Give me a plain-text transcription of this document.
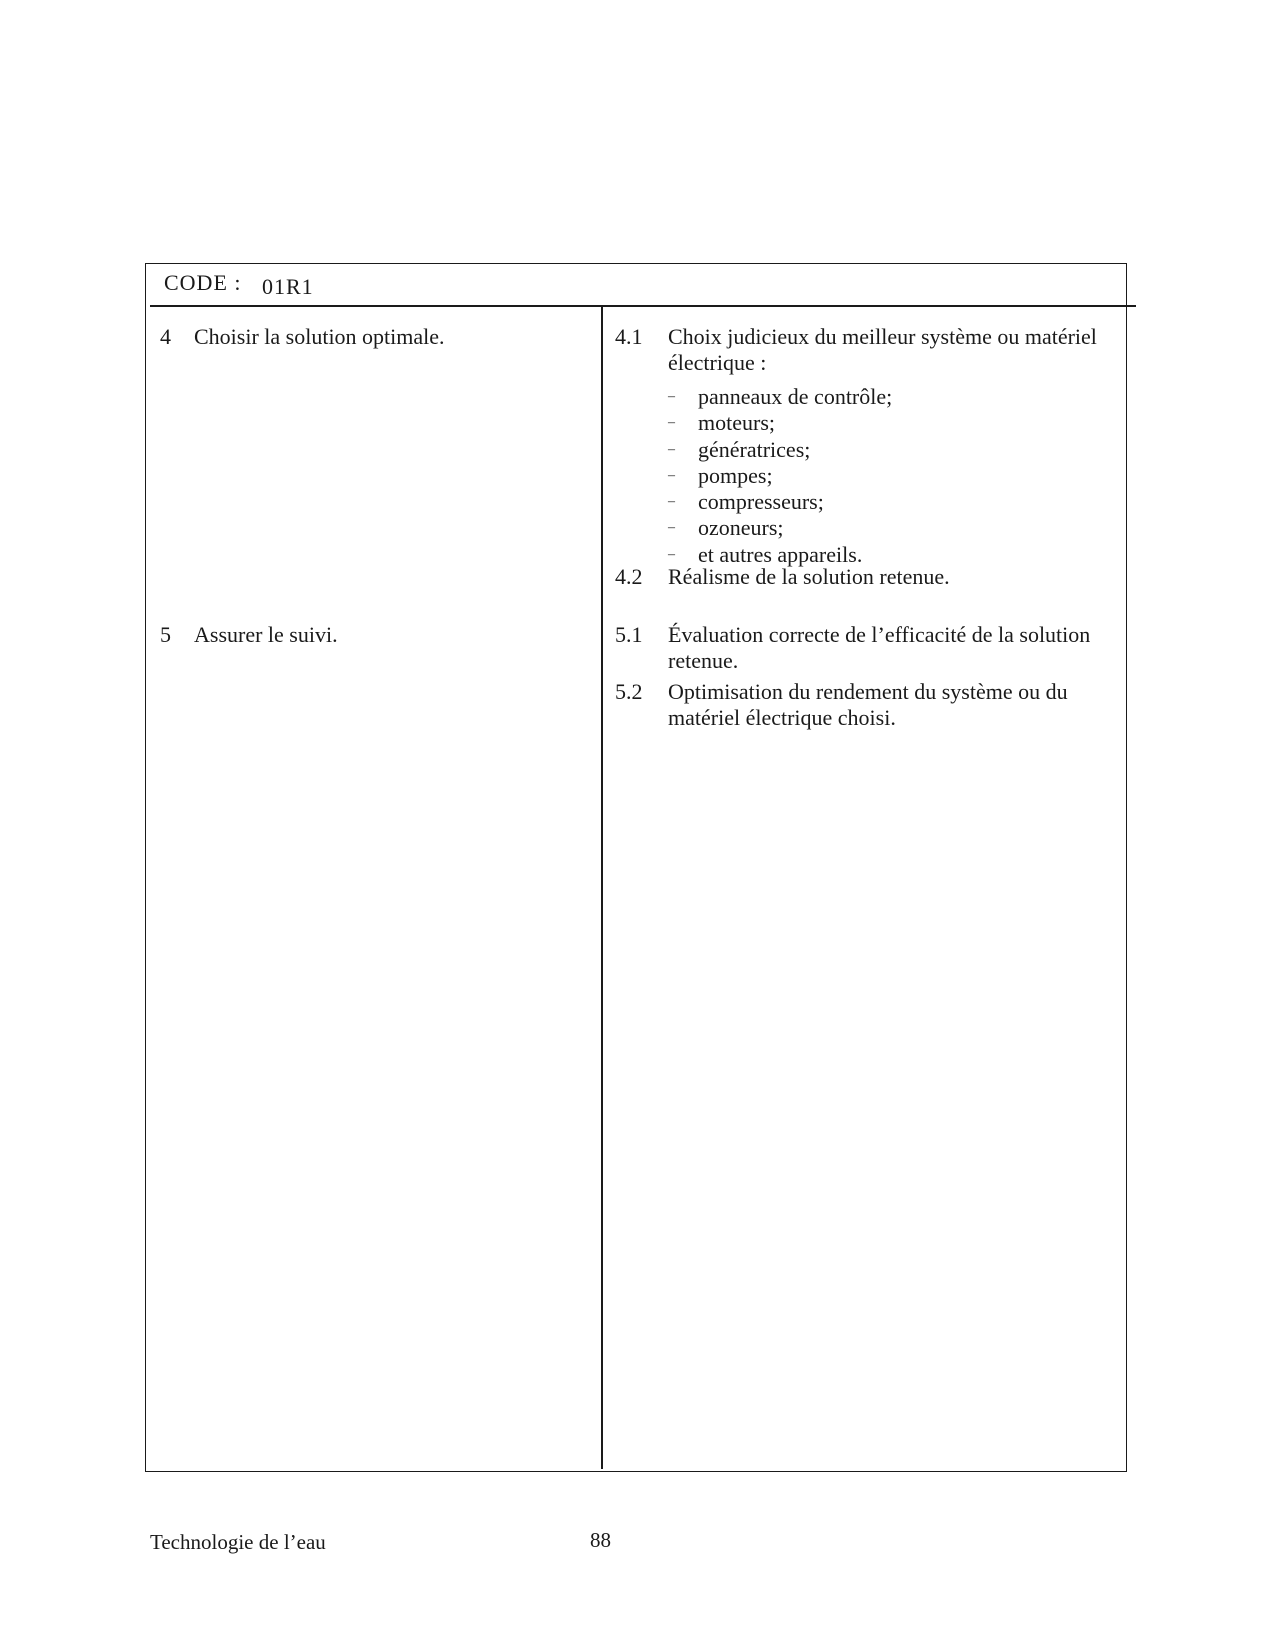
CODE : 01R1
4 Choisir la solution optimale.
5 Assurer le suivi.
4.1 Choix judicieux du meilleur système ou matériel électrique :
– panneaux de contrôle;
– moteurs;
– génératrices;
– pompes;
– compresseurs;
– ozoneurs;
– et autres appareils.
4.2 Réalisme de la solution retenue.
5.1 Évaluation correcte de l’efficacité de la solution retenue.
5.2 Optimisation du rendement du système ou du matériel électrique choisi.
Technologie de l’eau	88
